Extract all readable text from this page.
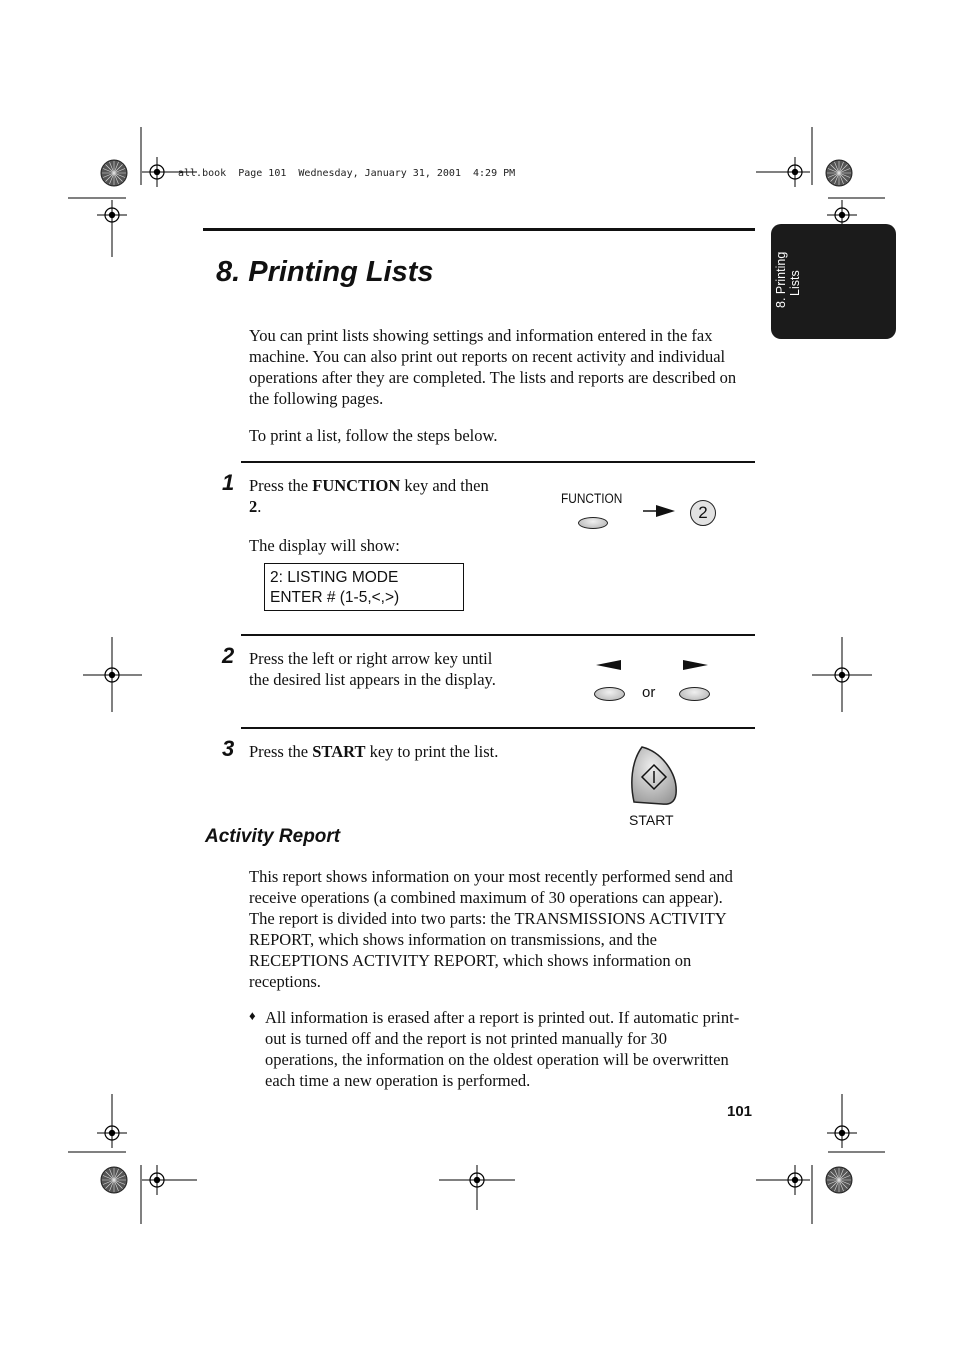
all.book  Page 101  Wednesday, January 31, 2001  4:29 PM
8. Printing Lists
8. Printing Lists
You can print lists showing settings and information entered in the fax machine. You can also print out reports on recent activity and individual operations after they are completed. The lists and reports are described on the following pages.
To print a list, follow the steps below.
1 Press the FUNCTION key and then
2.
The display will show:
2: LISTING MODE
ENTER # (1-5,<,>)
FUNCTION
2
2 Press the left or right arrow key until
the desired list appears in the display.
or
3 Press the START key to print the list.
START
Activity Report
This report shows information on your most recently performed send and receive operations (a combined maximum of 30 operations can appear). The report is divided into two parts: the TRANSMISSIONS ACTIVITY REPORT, which shows information on transmissions, and the RECEPTIONS ACTIVITY REPORT, which shows information on receptions.
♦ All information is erased after a report is printed out. If automatic print-out is turned off and the report is not printed manually for 30 operations, the information on the oldest operation will be overwritten each time a new operation is performed.
101
